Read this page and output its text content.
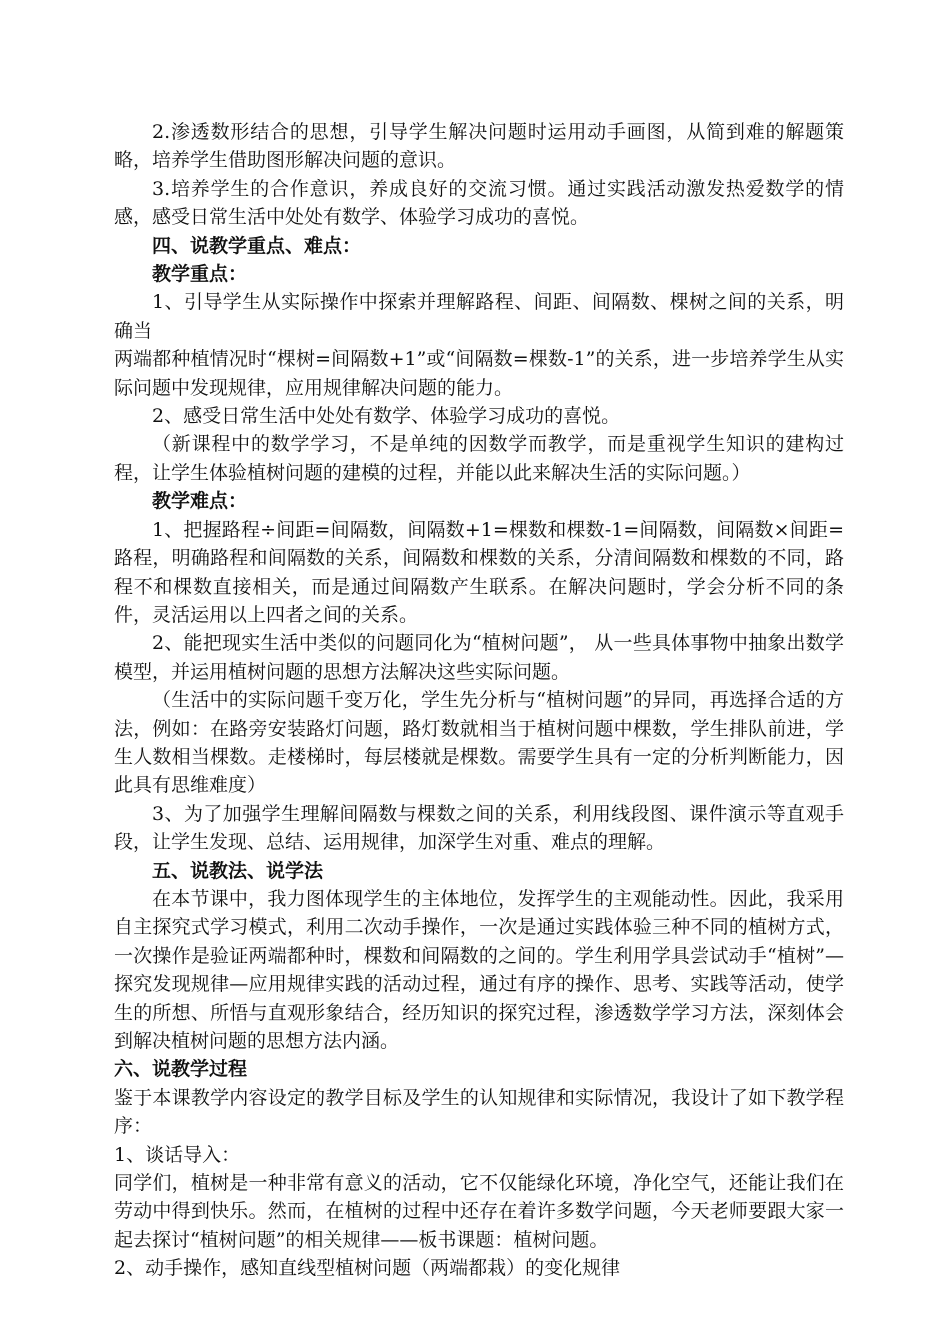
2.渗透数形结合的思想，引导学生解决问题时运用动手画图，从简到难的解题策略，培养学生借助图形解决问题的意识。

3.培养学生的合作意识，养成良好的交流习惯。通过实践活动激发热爱数学的情感，感受日常生活中处处有数学、体验学习成功的喜悦。

四、说教学重点、难点：

教学重点：

1、引导学生从实际操作中探索并理解路程、间距、间隔数、棵树之间的关系，明确当

两端都种植情况时“棵树=间隔数+1”或“间隔数=棵数-1”的关系，进一步培养学生从实际问题中发现规律，应用规律解决问题的能力。

2、感受日常生活中处处有数学、体验学习成功的喜悦。

（新课程中的数学学习，不是单纯的因数学而教学，而是重视学生知识的建构过程，让学生体验植树问题的建模的过程，并能以此来解决生活的实际问题。）

教学难点：

1、把握路程÷间距=间隔数，间隔数+1=棵数和棵数-1=间隔数，间隔数×间距=路程，明确路程和间隔数的关系，间隔数和棵数的关系，分清间隔数和棵数的不同，路程不和棵数直接相关，而是通过间隔数产生联系。在解决问题时，学会分析不同的条件，灵活运用以上四者之间的关系。

2、能把现实生活中类似的问题同化为“植树问题”， 从一些具体事物中抽象出数学模型，并运用植树问题的思想方法解决这些实际问题。

（生活中的实际问题千变万化，学生先分析与“植树问题”的异同，再选择合适的方法，例如：在路旁安装路灯问题，路灯数就相当于植树问题中棵数，学生排队前进，学生人数相当棵数。走楼梯时，每层楼就是棵数。需要学生具有一定的分析判断能力，因此具有思维难度）

3、为了加强学生理解间隔数与棵数之间的关系，利用线段图、课件演示等直观手段，让学生发现、总结、运用规律，加深学生对重、难点的理解。

五、说教法、说学法

在本节课中，我力图体现学生的主体地位，发挥学生的主观能动性。因此，我采用自主探究式学习模式，利用二次动手操作，一次是通过实践体验三种不同的植树方式，一次操作是验证两端都种时，棵数和间隔数的之间的。学生利用学具尝试动手“植树”—探究发现规律—应用规律实践的活动过程，通过有序的操作、思考、实践等活动，使学生的所想、所悟与直观形象结合，经历知识的探究过程，渗透数学学习方法，深刻体会到解决植树问题的思想方法内涵。

六、说教学过程

鉴于本课教学内容设定的教学目标及学生的认知规律和实际情况，我设计了如下教学程序：

1、谈话导入：

同学们，植树是一种非常有意义的活动，它不仅能绿化环境，净化空气，还能让我们在劳动中得到快乐。然而，在植树的过程中还存在着许多数学问题，今天老师要跟大家一起去探讨“植树问题”的相关规律——板书课题：植树问题。

2、动手操作，感知直线型植树问题（两端都栽）的变化规律
